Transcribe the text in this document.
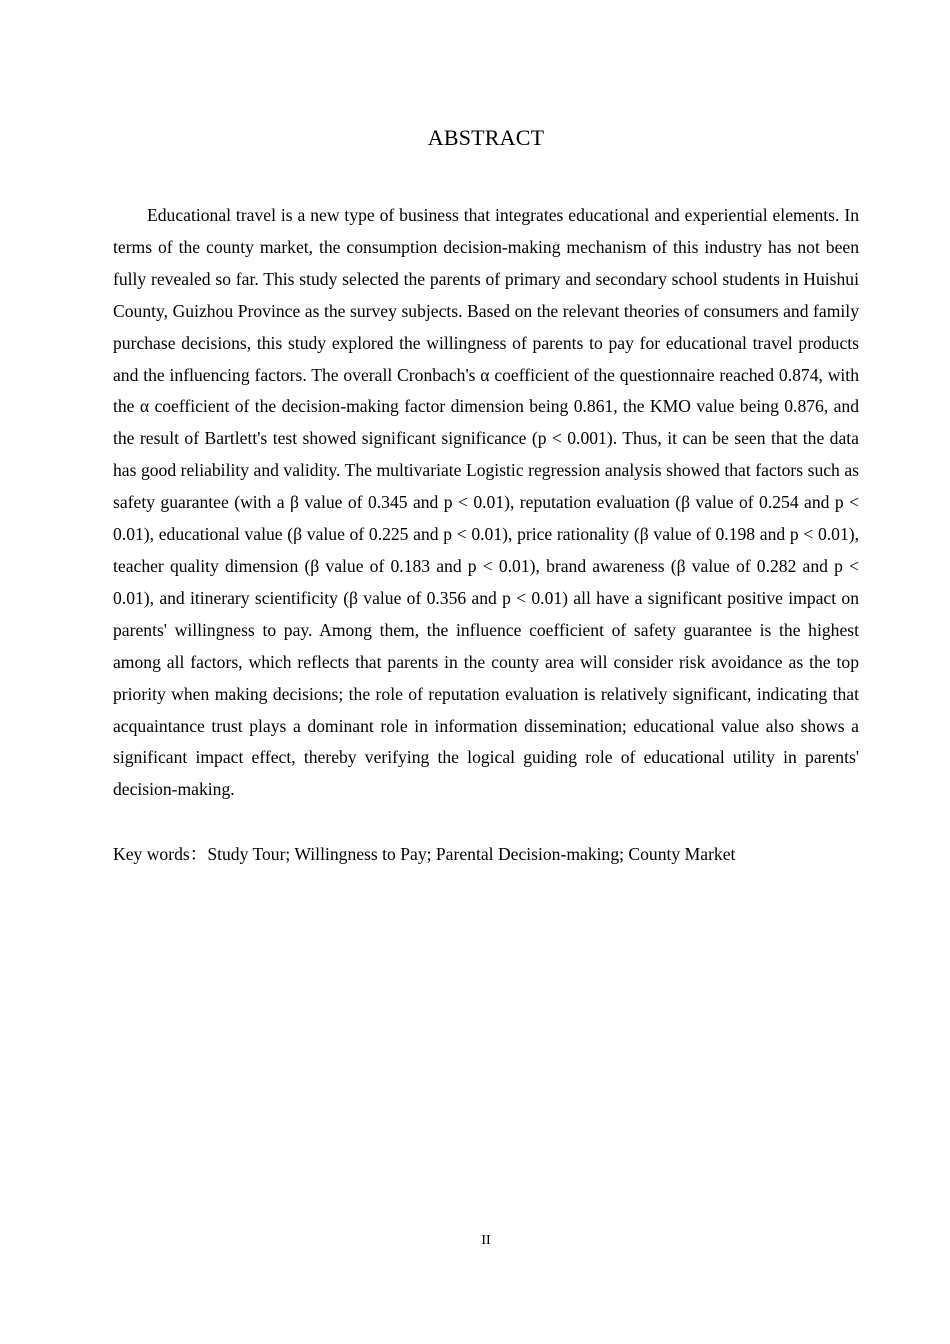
ABSTRACT

Educational travel is a new type of business that integrates educational and experiential elements. In terms of the county market, the consumption decision-making mechanism of this industry has not been fully revealed so far. This study selected the parents of primary and secondary school students in Huishui County, Guizhou Province as the survey subjects. Based on the relevant theories of consumers and family purchase decisions, this study explored the willingness of parents to pay for educational travel products and the influencing factors. The overall Cronbach's α coefficient of the questionnaire reached 0.874, with the α coefficient of the decision-making factor dimension being 0.861, the KMO value being 0.876, and the result of Bartlett's test showed significant significance (p < 0.001). Thus, it can be seen that the data has good reliability and validity. The multivariate Logistic regression analysis showed that factors such as safety guarantee (with a β value of 0.345 and p < 0.01), reputation evaluation (β value of 0.254 and p < 0.01), educational value (β value of 0.225 and p < 0.01), price rationality (β value of 0.198 and p < 0.01), teacher quality dimension (β value of 0.183 and p < 0.01), brand awareness (β value of 0.282 and p < 0.01), and itinerary scientificity (β value of 0.356 and p < 0.01) all have a significant positive impact on parents' willingness to pay. Among them, the influence coefficient of safety guarantee is the highest among all factors, which reflects that parents in the county area will consider risk avoidance as the top priority when making decisions; the role of reputation evaluation is relatively significant, indicating that acquaintance trust plays a dominant role in information dissemination; educational value also shows a significant impact effect, thereby verifying the logical guiding role of educational utility in parents' decision-making.

Key words：Study Tour; Willingness to Pay; Parental Decision-making; County Market

II
